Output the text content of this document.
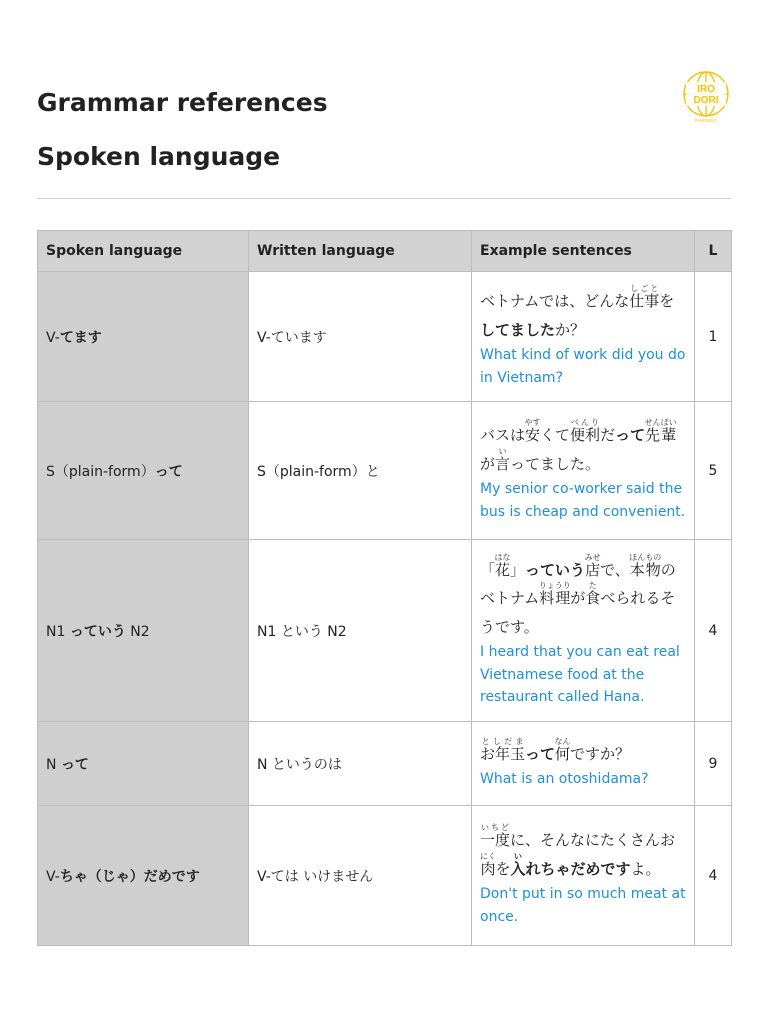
Grammar references
Spoken language
IRO
DORI
NIHONGO
Spoken language	Written language	Example sentences	L
V-てます	V-ています	ベトナムでは、どんな仕事しごとをしてましたか？
What kind of work did you do in Vietnam?	1
S（plain-form）って	S（plain-form）と	バスは安やすくて便利べんりだって先輩せんぱいが言いってました。
My senior co-worker said the bus is cheap and convenient.	5
N1 っていう N2	N1 という N2	「花はな」っていう店みせで、本物ほんもののベトナム料理りょうりが食たべられるそうです。
I heard that you can eat real Vietnamese food at the restaurant called Hana.	4
N って	N というのは	お年玉としだまって何なんですか？
What is an otoshidama?	9
V-ちゃ（じゃ）だめです	V-ては いけません	一度いちどに、そんなにたくさんお肉にくを入いれちゃだめですよ。
Don't put in so much meat at once.	4
